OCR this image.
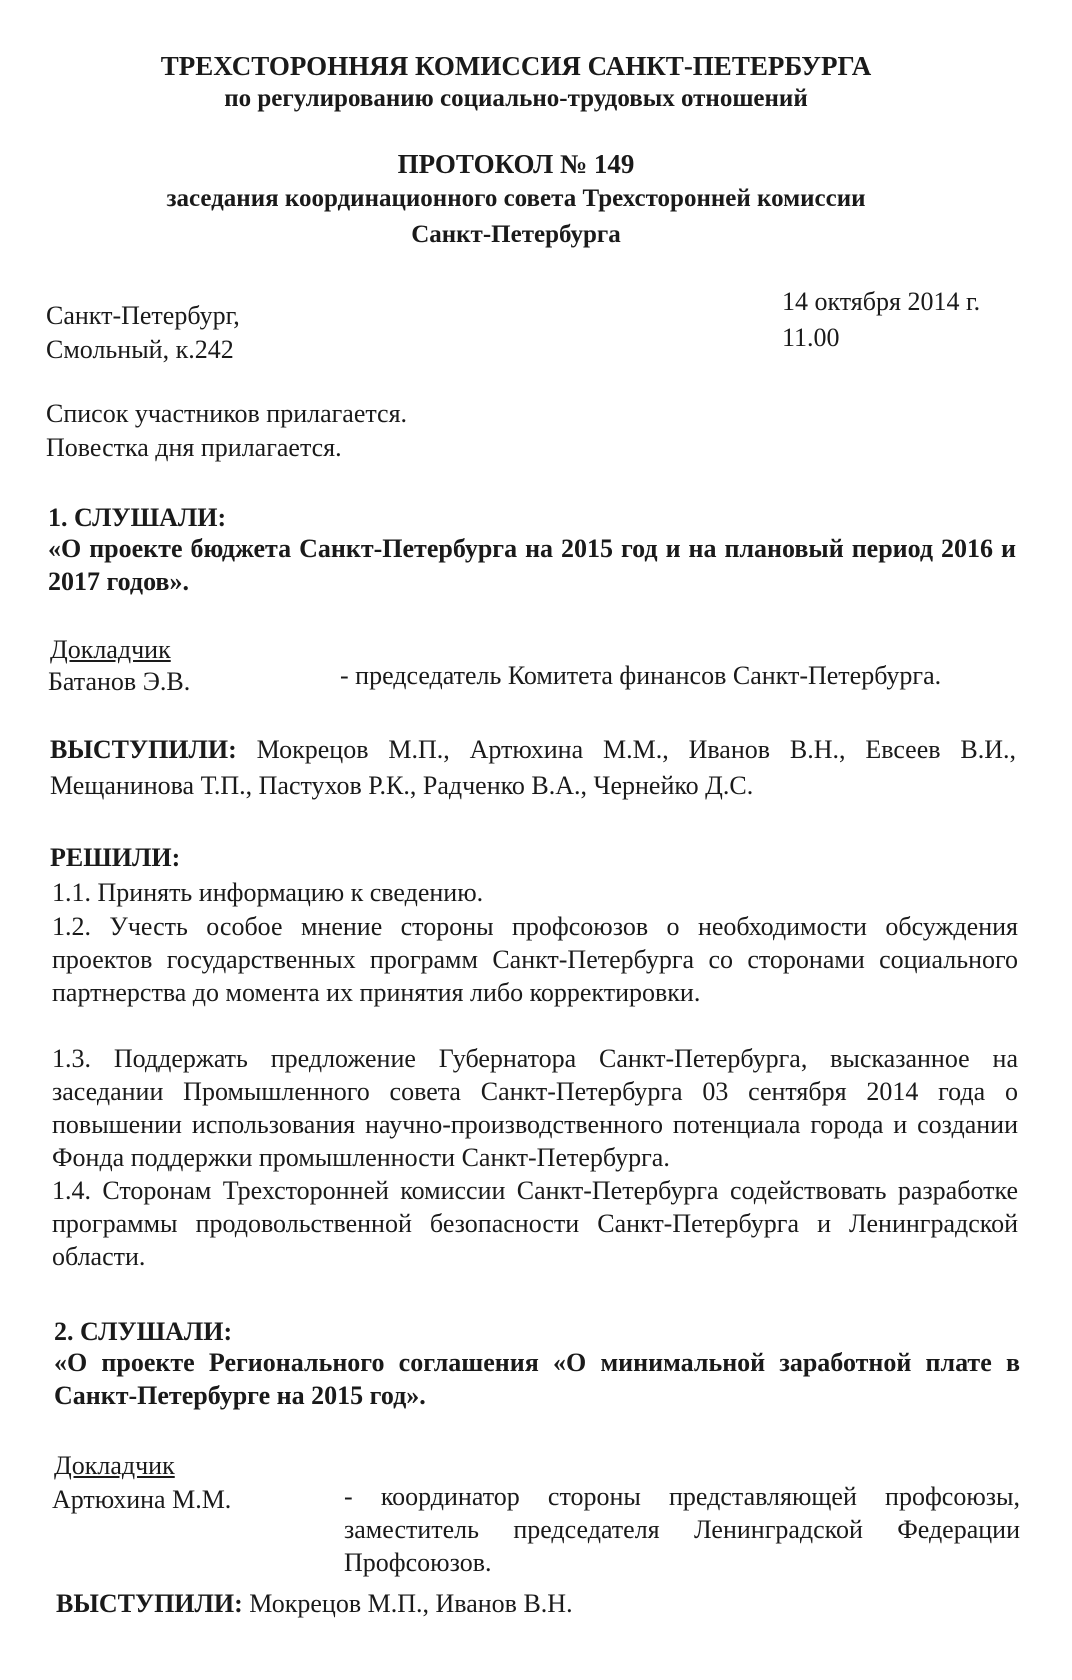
ТРЕХСТОРОННЯЯ КОМИССИЯ САНКТ-ПЕТЕРБУРГА
по регулированию социально-трудовых отношений
ПРОТОКОЛ № 149
заседания координационного совета Трехсторонней комиссии
Санкт-Петербурга
Санкт-Петербург,
Смольный, к.242
14 октября 2014 г.
11.00
Список участников прилагается.
Повестка дня прилагается.
1. СЛУШАЛИ:
«О проекте бюджета Санкт-Петербурга на 2015 год и на плановый период 2016 и 2017 годов».
Докладчик
Батанов Э.В.	- председатель Комитета финансов Санкт-Петербурга.
ВЫСТУПИЛИ: Мокрецов М.П., Артюхина М.М., Иванов В.Н., Евсеев В.И., Мещанинова Т.П., Пастухов Р.К., Радченко В.А., Чернейко Д.С.
РЕШИЛИ:
1.1. Принять информацию к сведению.
1.2. Учесть особое мнение стороны профсоюзов о необходимости обсуждения проектов государственных программ Санкт-Петербурга со сторонами социального партнерства до момента их принятия либо корректировки.
1.3. Поддержать предложение Губернатора Санкт-Петербурга, высказанное на заседании Промышленного совета Санкт-Петербурга 03 сентября 2014 года о повышении использования научно-производственного потенциала города и создании Фонда поддержки промышленности Санкт-Петербурга.
1.4. Сторонам Трехсторонней комиссии Санкт-Петербурга содействовать разработке программы продовольственной безопасности Санкт-Петербурга и Ленинградской области.
2. СЛУШАЛИ:
«О проекте Регионального соглашения «О минимальной заработной плате в Санкт-Петербурге на 2015 год».
Докладчик
Артюхина М.М.	- координатор стороны представляющей профсоюзы, заместитель председателя Ленинградской Федерации Профсоюзов.
ВЫСТУПИЛИ: Мокрецов М.П., Иванов В.Н.
